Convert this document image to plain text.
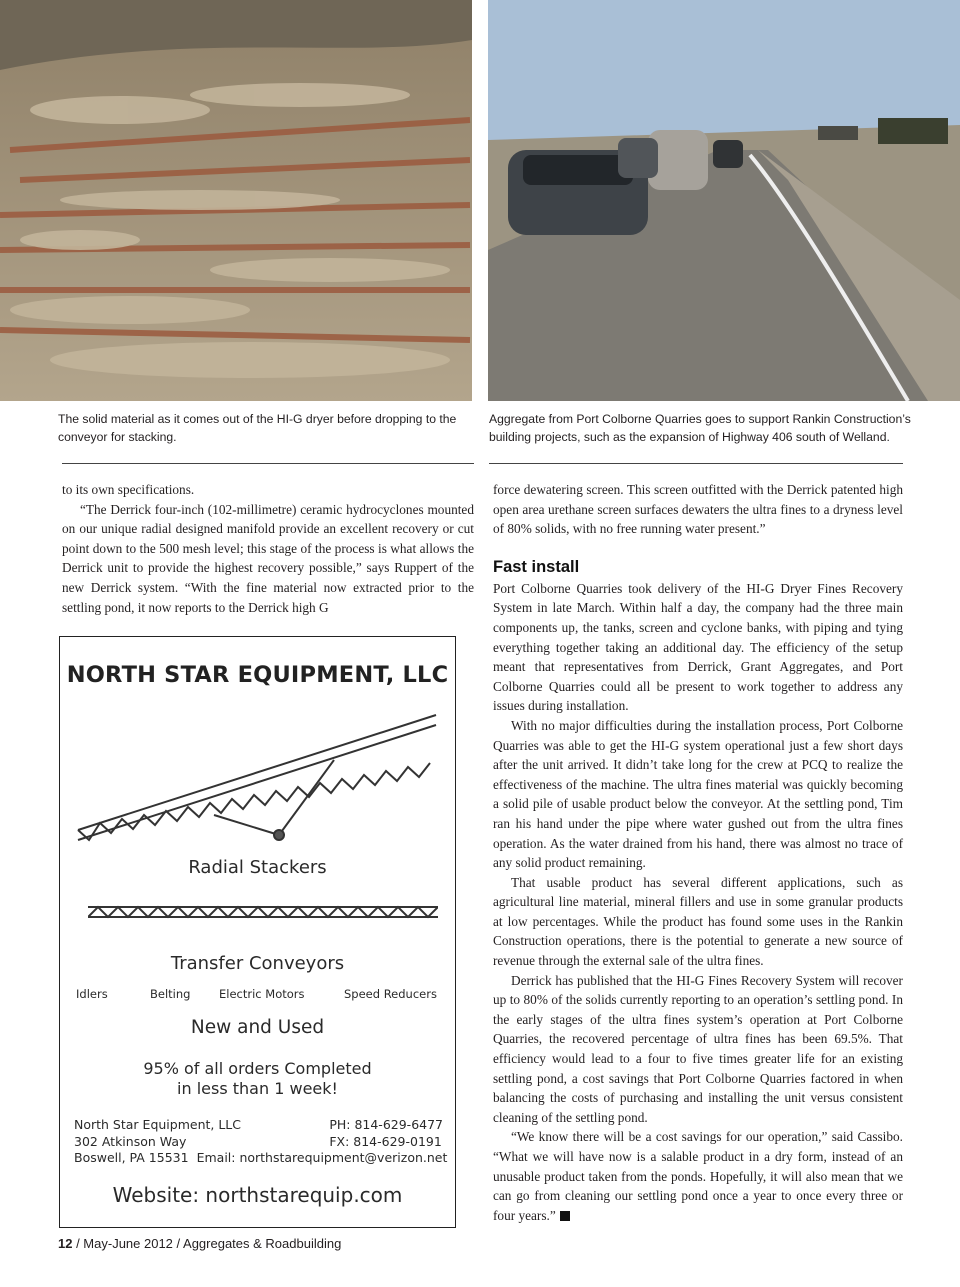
The solid material as it comes out of the HI-G dryer before dropping to the conveyor for stacking.
Aggregate from Port Colborne Quarries goes to support Rankin Construction’s building projects, such as the expansion of Highway 406 south of Welland.

to its own specifications.

“The Derrick four-inch (102-millimetre) ceramic hydrocyclones mounted on our unique radial designed manifold provide an excellent recovery or cut point down to the 500 mesh level; this stage of the process is what allows the Derrick unit to provide the highest recovery possible,” says Ruppert of the new Derrick system. “With the fine material now extracted prior to the settling pond, it now reports to the Derrick high G

NORTH STAR EQUIPMENT, LLC
Radial Stackers
Transfer Conveyors
Idlers	Belting Electric Motors	Speed Reducers
New and Used
95% of all orders Completed
in less than 1 week!
North Star Equipment, LLC
302 Atkinson Way
PH: 814-629-6477
FX: 814-629-0191
Boswell, PA 15531 Email: northstarequipment@verizon.net
Website: northstarequip.com

force dewatering screen. This screen outfitted with the Derrick patented high open area urethane screen surfaces dewaters the ultra fines to a dryness level of 80% solids, with no free running water present.”

Fast install

Port Colborne Quarries took delivery of the HI-G Dryer Fines Recovery System in late March. Within half a day, the company had the three main components up, the tanks, screen and cyclone banks, with piping and tying everything together taking an additional day. The efficiency of the setup meant that representatives from Derrick, Grant Aggregates, and Port Colborne Quarries could all be present to work together to address any issues during installation.

With no major difficulties during the installation process, Port Colborne Quarries was able to get the HI-G system operational just a few short days after the unit arrived. It didn’t take long for the crew at PCQ to realize the effectiveness of the machine. The ultra fines material was quickly becoming a solid pile of usable product below the conveyor. At the settling pond, Tim ran his hand under the pipe where water gushed out from the ultra fines operation. As the water drained from his hand, there was almost no trace of any solid product remaining.

That usable product has several different applications, such as agricultural line material, mineral fillers and use in some granular products at low percentages. While the product has found some uses in the Rankin Construction operations, there is the potential to generate a new source of revenue through the external sale of the ultra fines.

Derrick has published that the HI-G Fines Recovery System will recover up to 80% of the solids currently reporting to an operation’s settling pond. In the early stages of the ultra fines system’s operation at Port Colborne Quarries, the recovered percentage of ultra fines has been 69.5%. That efficiency would lead to a four to five times greater life for an existing settling pond, a cost savings that Port Colborne Quarries factored in when balancing the costs of purchasing and installing the unit versus consistent cleaning of the settling pond.

“We know there will be a cost savings for our operation,” said Cassibo. “What we will have now is a salable product in a dry form, instead of an unusable product taken from the ponds. Hopefully, it will also mean that we can go from cleaning our settling pond once a year to once every three or four years.”

12 / May-June 2012 / Aggregates & Roadbuilding
